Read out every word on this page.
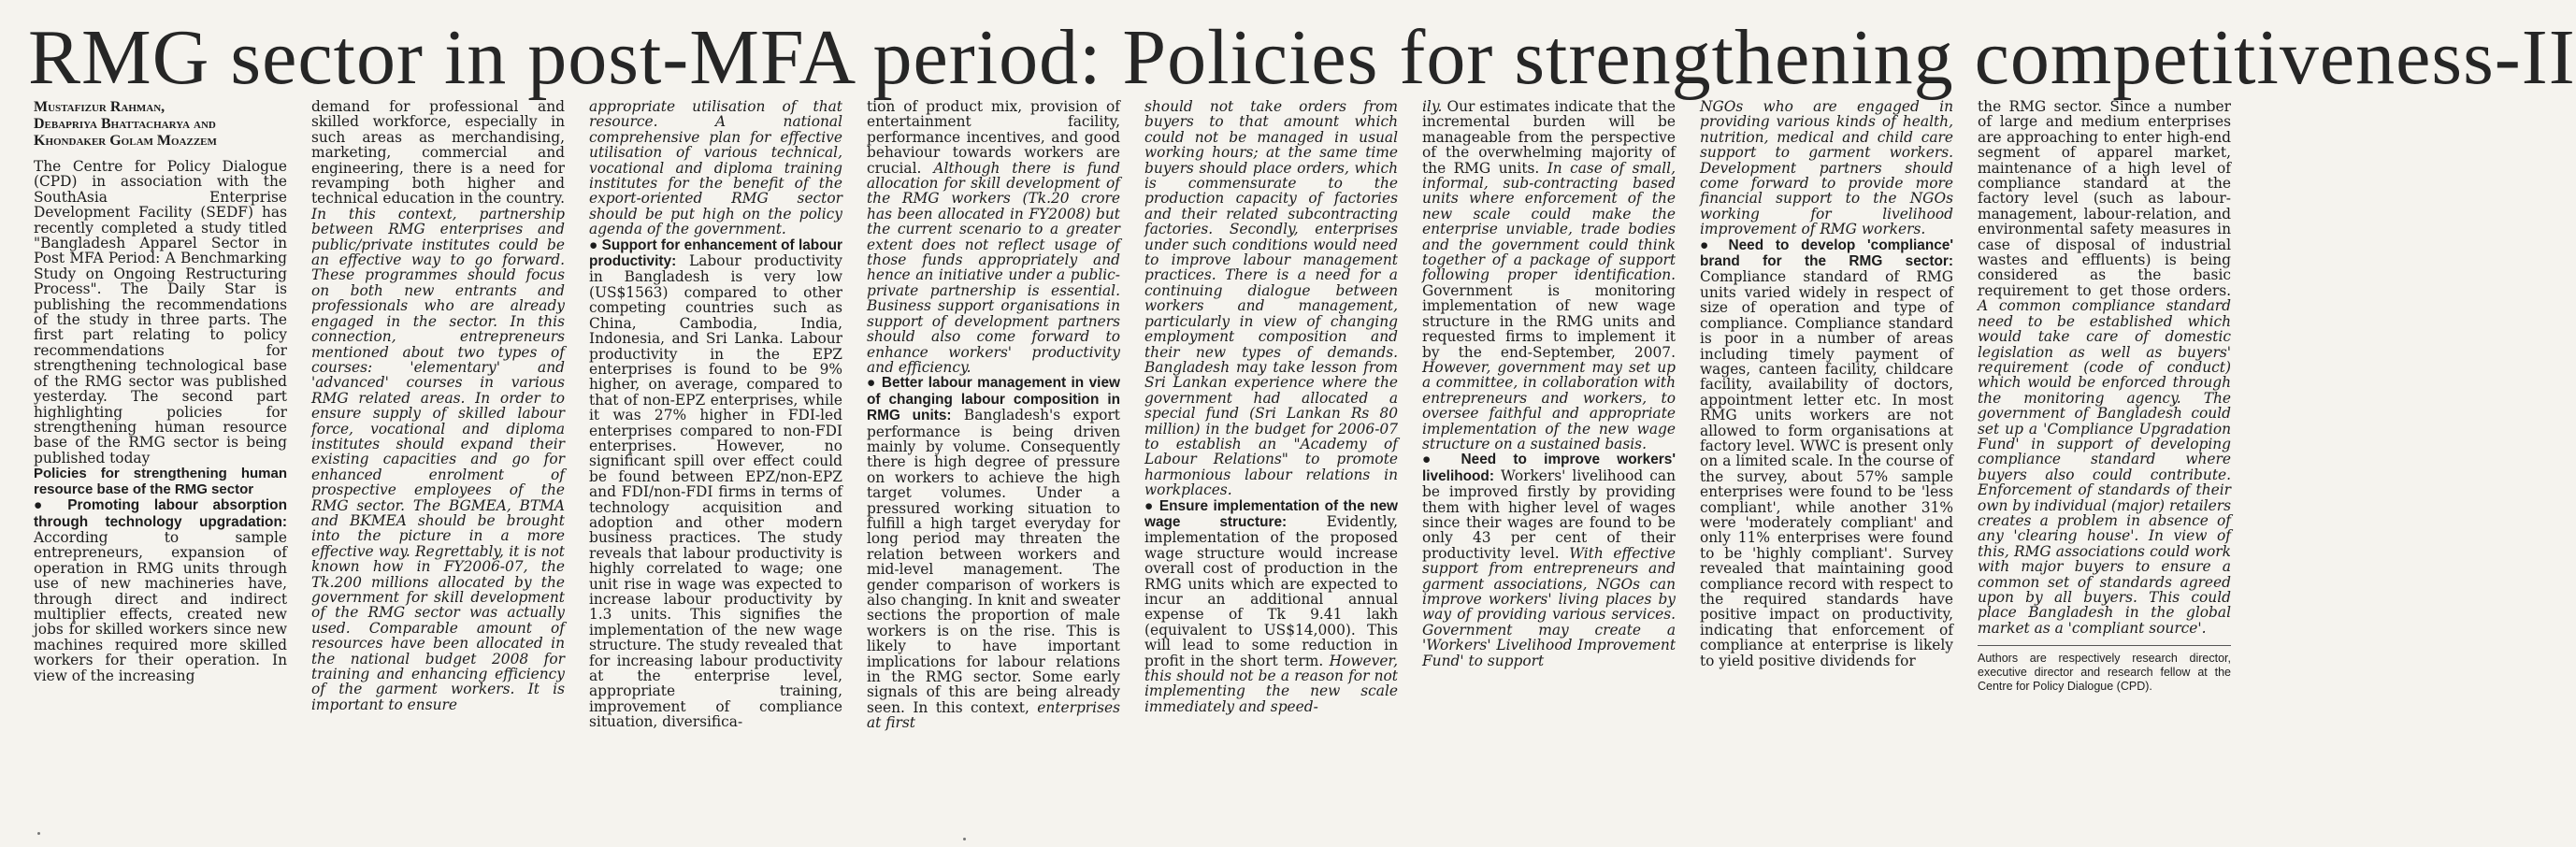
RMG sector in post-MFA period: Policies for strengthening competitiveness-II
Mustafizur Rahman,
Debapriya Bhattacharya and
Khondaker Golam Moazzem

The Centre for Policy Dialogue (CPD) in association with the SouthAsia Enterprise Development Facility (SEDF) has recently completed a study titled "Bangladesh Apparel Sector in Post MFA Period: A Benchmarking Study on Ongoing Restructuring Process". The Daily Star is publishing the recommendations of the study in three parts. The first part relating to policy recommendations for strengthening technological base of the RMG sector was published yesterday. The second part highlighting policies for strengthening human resource base of the RMG sector is being published today

Policies for strengthening human resource base of the RMG sector

● Promoting labour absorption through technology upgradation: According to sample entrepreneurs, expansion of operation in RMG units through use of new machineries have, through direct and indirect multiplier effects, created new jobs for skilled workers since new machines required more skilled workers for their operation. In view of the increasing

demand for professional and skilled workforce, especially in such areas as merchandising, marketing, commercial and engineering, there is a need for revamping both higher and technical education in the country. In this context, partnership between RMG enterprises and public/private institutes could be an effective way to go forward. These programmes should focus on both new entrants and professionals who are already engaged in the sector. In this connection, entrepreneurs mentioned about two types of courses: 'elementary' and 'advanced' courses in various RMG related areas. In order to ensure supply of skilled labour force, vocational and diploma institutes should expand their existing capacities and go for enhanced enrolment of prospective employees of the RMG sector. The BGMEA, BTMA and BKMEA should be brought into the picture in a more effective way. Regrettably, it is not known how in FY2006-07, the Tk.200 millions allocated by the government for skill development of the RMG sector was actually used. Comparable amount of resources have been allocated in the national budget 2008 for training and enhancing efficiency of the garment workers. It is important to ensure

appropriate utilisation of that resource. A national comprehensive plan for effective utilisation of various technical, vocational and diploma training institutes for the benefit of the export-oriented RMG sector should be put high on the policy agenda of the government.

● Support for enhancement of labour productivity: Labour productivity in Bangladesh is very low (US$1563) compared to other competing countries such as China, Cambodia, India, Indonesia, and Sri Lanka. Labour productivity in the EPZ enterprises is found to be 9% higher, on average, compared to that of non-EPZ enterprises, while it was 27% higher in FDI-led enterprises compared to non-FDI enterprises. However, no significant spill over effect could be found between EPZ/non-EPZ and FDI/non-FDI firms in terms of technology acquisition and adoption and other modern business practices. The study reveals that labour productivity is highly correlated to wage; one unit rise in wage was expected to increase labour productivity by 1.3 units. This signifies the implementation of the new wage structure. The study revealed that for increasing labour productivity at the enterprise level, appropriate training, improvement of compliance situation, diversifica-

tion of product mix, provision of entertainment facility, performance incentives, and good behaviour towards workers are crucial. Although there is fund allocation for skill development of the RMG workers (Tk.20 crore has been allocated in FY2008) but the current scenario to a greater extent does not reflect usage of those funds appropriately and hence an initiative under a public-private partnership is essential. Business support organisations in support of development partners should also come forward to enhance workers' productivity and efficiency.

● Better labour management in view of changing labour composition in RMG units: Bangladesh's export performance is being driven mainly by volume. Consequently there is high degree of pressure on workers to achieve the high target volumes. Under a pressured working situation to fulfill a high target everyday for long period may threaten the relation between workers and mid-level management. The gender comparison of workers is also changing. In knit and sweater sections the proportion of male workers is on the rise. This is likely to have important implications for labour relations in the RMG sector. Some early signals of this are being already seen. In this context, enterprises at first

should not take orders from buyers to that amount which could not be managed in usual working hours; at the same time buyers should place orders, which is commensurate to the production capacity of factories and their related subcontracting factories. Secondly, enterprises under such conditions would need to improve labour management practices. There is a need for a continuing dialogue between workers and management, particularly in view of changing employment composition and their new types of demands. Bangladesh may take lesson from Sri Lankan experience where the government had allocated a special fund (Sri Lankan Rs 80 million) in the budget for 2006-07 to establish an "Academy of Labour Relations" to promote harmonious labour relations in workplaces.

● Ensure implementation of the new wage structure:	Evidently, implementation of the proposed wage structure would increase overall cost of production in the RMG units which are expected to incur an additional annual expense of Tk 9.41 lakh (equivalent to US$14,000). This will lead to some reduction in profit in the short term. However, this should not be a reason for not implementing the new scale immediately and speed-

ily. Our estimates indicate that the incremental burden will be manageable from the perspective of the overwhelming majority of the RMG units. In case of small, informal, sub-contracting based units where enforcement of the new scale could make the enterprise unviable, trade bodies and the government could think together of a package of support following proper identification. Government is monitoring implementation of new wage structure in the RMG units and requested firms to implement it by the end-September, 2007. However, government may set up a committee, in collaboration with entrepreneurs and workers, to oversee faithful and appropriate implementation of the new wage structure on a sustained basis.

● Need to improve workers' livelihood: Workers' livelihood can be improved firstly by providing them with higher level of wages since their wages are found to be only 43 per cent of their productivity level. With effective support from entrepreneurs and garment associations, NGOs can improve workers' living places by way of providing various services. Government may create a 'Workers' Livelihood Improvement Fund' to support

NGOs who are engaged in providing various kinds of health, nutrition, medical and child care support to garment workers. Development partners should come forward to provide more financial support to the NGOs working for livelihood improvement of RMG workers.

● Need to develop 'compliance' brand for the RMG sector: Compliance standard of RMG units varied widely in respect of size of operation and type of compliance. Compliance standard is poor in a number of areas including timely payment of wages, canteen facility, childcare facility, availability of doctors, appointment letter etc. In most RMG units workers are not allowed to form organisations at factory level. WWC is present only on a limited scale. In the course of the survey, about 57% sample enterprises were found to be 'less compliant', while another 31% were 'moderately compliant' and only 11% enterprises were found to be 'highly compliant'. Survey revealed that maintaining good compliance record with respect to the required standards have positive impact on productivity, indicating that enforcement of compliance at enterprise is likely to yield positive dividends for

the RMG sector. Since a number of large and medium enterprises are approaching to enter high-end segment of apparel market, maintenance of a high level of compliance standard at the factory level (such as labour-management, labour-relation, and environmental safety measures in case of disposal of industrial wastes and effluents) is being considered as the basic requirement to get those orders. A common compliance standard need to be established which would take care of domestic legislation as well as buyers' requirement (code of conduct) which would be enforced through the monitoring agency. The government of Bangladesh could set up a 'Compliance Upgradation Fund' in support of developing compliance standard where buyers also could contribute. Enforcement of standards of their own by individual (major) retailers creates a problem in absence of any 'clearing house'. In view of this, RMG associations could work with major buyers to ensure a common set of standards agreed upon by all buyers. This could place Bangladesh in the global market as a 'compliant source'.

Authors are respectively research director, executive director and research fellow at the Centre for Policy Dialogue (CPD).
